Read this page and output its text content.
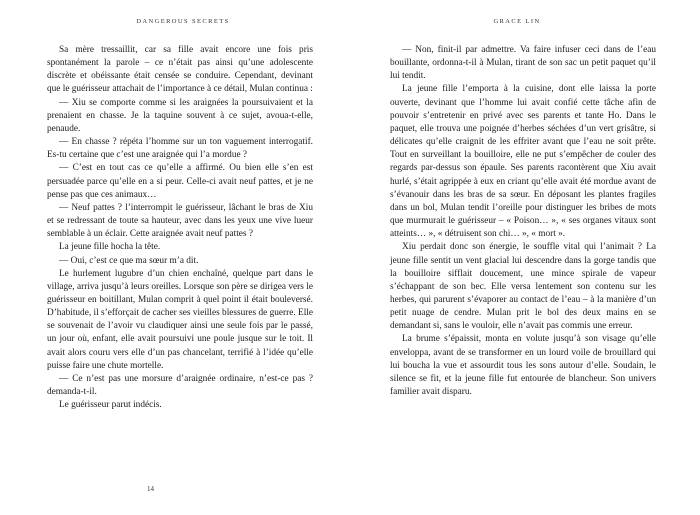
DANGEROUS SECRETS

Sa mère tressaillit, car sa fille avait encore une fois pris spontanément la parole – ce n’était pas ainsi qu’une adolescente discrète et obéissante était censée se conduire. Cependant, devinant que le guérisseur attachait de l’importance à ce détail, Mulan continua :

— Xiu se comporte comme si les araignées la poursuivaient et la prenaient en chasse. Je la taquine souvent à ce sujet, avoua-t-elle, penaude.

— En chasse ? répéta l’homme sur un ton vaguement interrogatif. Es-tu certaine que c’est une araignée qui l’a mordue ?

— C’est en tout cas ce qu’elle a affirmé. Ou bien elle s’en est persuadée parce qu’elle en a si peur. Celle-ci avait neuf pattes, et je ne pense pas que ces animaux…

— Neuf pattes ? l’interrompit le guérisseur, lâchant le bras de Xiu et se redressant de toute sa hauteur, avec dans les yeux une vive lueur semblable à un éclair. Cette araignée avait neuf pattes ?

La jeune fille hocha la tête.

— Oui, c’est ce que ma sœur m’a dit.

Le hurlement lugubre d’un chien enchaîné, quelque part dans le village, arriva jusqu’à leurs oreilles. Lorsque son père se dirigea vers le guérisseur en boitillant, Mulan comprit à quel point il était bouleversé. D’habitude, il s’efforçait de cacher ses vieilles blessures de guerre. Elle se souvenait de l’avoir vu claudiquer ainsi une seule fois par le passé, un jour où, enfant, elle avait poursuivi une poule jusque sur le toit. Il avait alors couru vers elle d’un pas chancelant, terrifié à l’idée qu’elle puisse faire une chute mortelle.

— Ce n’est pas une morsure d’araignée ordinaire, n’est-ce pas ? demanda-t-il.

Le guérisseur parut indécis.

14
GRACE LIN

— Non, finit-il par admettre. Va faire infuser ceci dans de l’eau bouillante, ordonna-t-il à Mulan, tirant de son sac un petit paquet qu’il lui tendit.

La jeune fille l’emporta à la cuisine, dont elle laissa la porte ouverte, devinant que l’homme lui avait confié cette tâche afin de pouvoir s’entretenir en privé avec ses parents et tante Ho. Dans le paquet, elle trouva une poignée d’herbes séchées d’un vert grisâtre, si délicates qu’elle craignit de les effriter avant que l’eau ne soit prête. Tout en surveillant la bouilloire, elle ne put s’empêcher de couler des regards par-dessus son épaule. Ses parents racontèrent que Xiu avait hurlé, s’était agrippée à eux en criant qu’elle avait été mordue avant de s’évanouir dans les bras de sa sœur. En déposant les plantes fragiles dans un bol, Mulan tendit l’oreille pour distinguer les bribes de mots que murmurait le guérisseur – « Poison… », « ses organes vitaux sont atteints… », « détruisent son chi… », « mort ».

Xiu perdait donc son énergie, le souffle vital qui l’animait ? La jeune fille sentit un vent glacial lui descendre dans la gorge tandis que la bouilloire sifflait doucement, une mince spirale de vapeur s’échappant de son bec. Elle versa lentement son contenu sur les herbes, qui parurent s’évaporer au contact de l’eau – à la manière d’un petit nuage de cendre. Mulan prit le bol des deux mains en se demandant si, sans le vouloir, elle n’avait pas commis une erreur.

La brume s’épaissit, monta en volute jusqu’à son visage qu’elle enveloppa, avant de se transformer en un lourd voile de brouillard qui lui boucha la vue et assourdit tous les sons autour d’elle. Soudain, le silence se fit, et la jeune fille fut entourée de blancheur. Son univers familier avait disparu.
